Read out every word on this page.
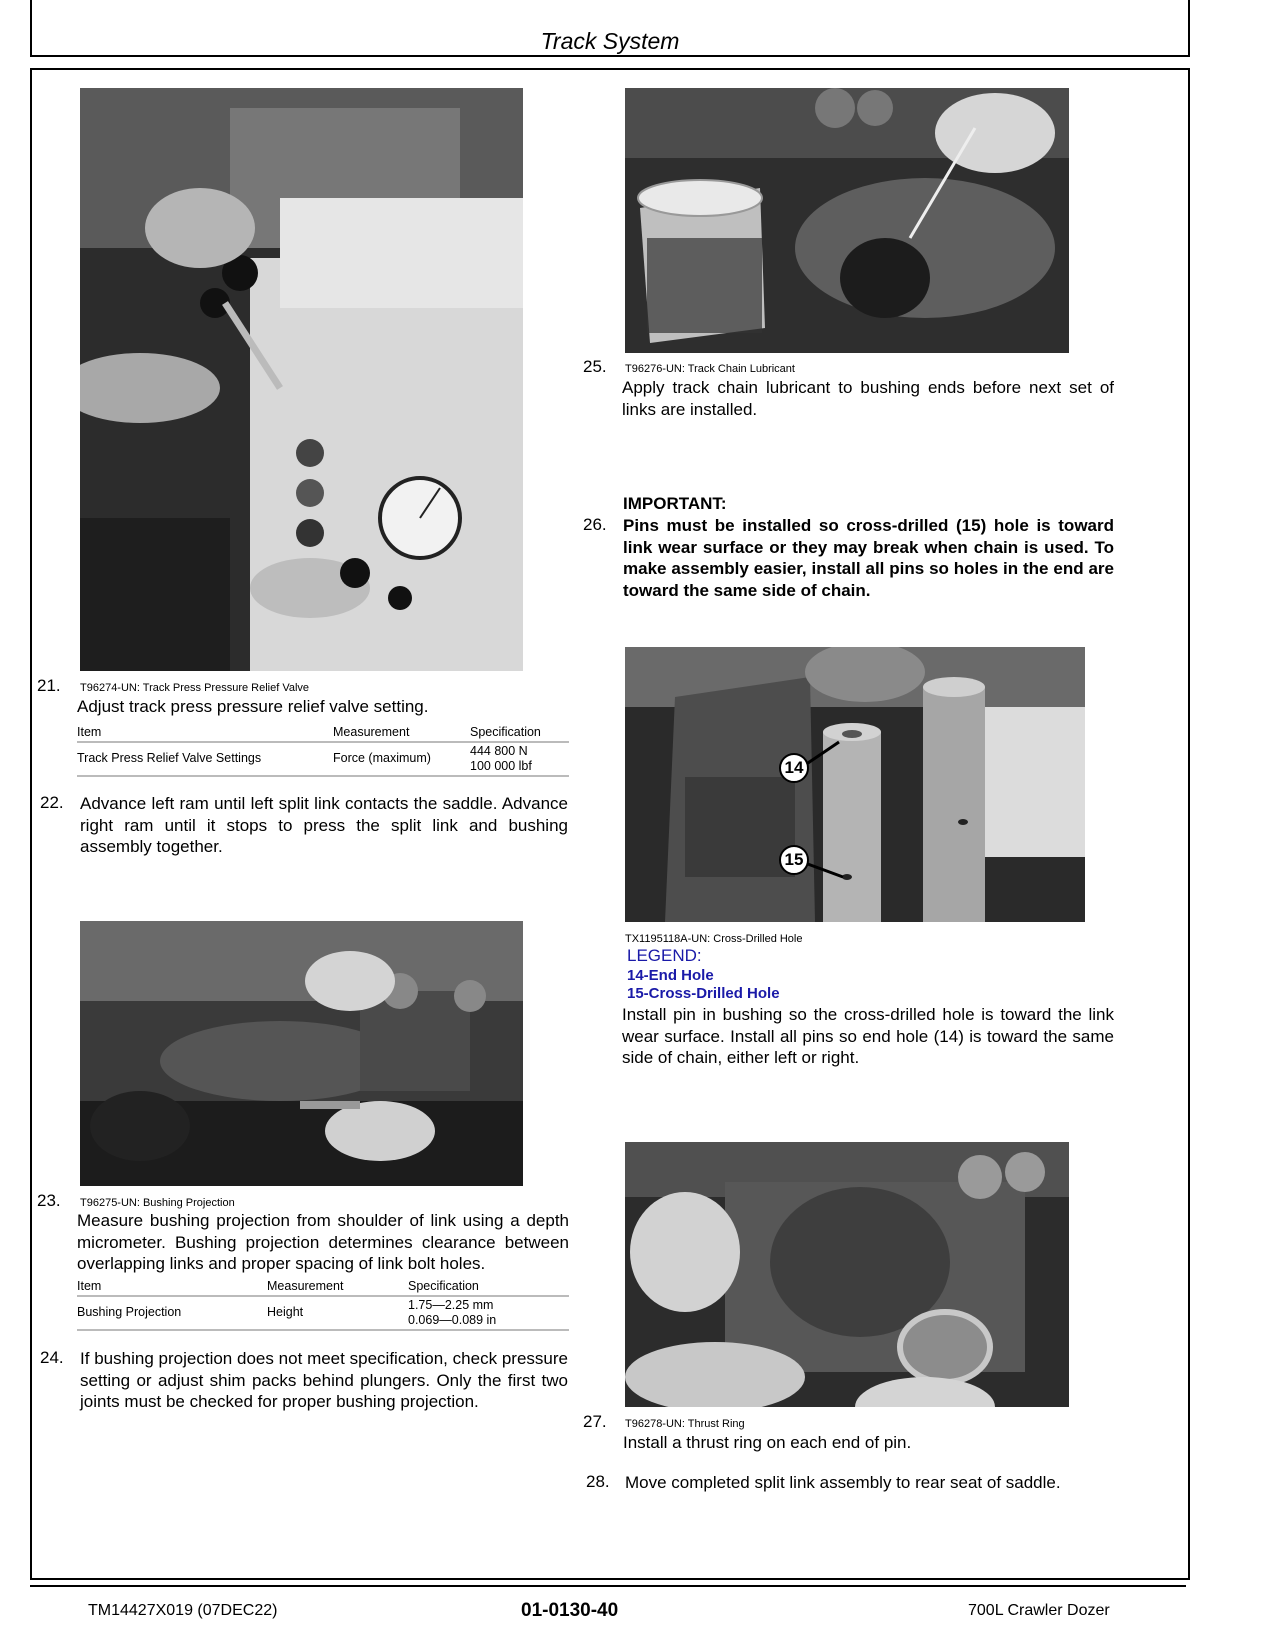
Track System
21. T96274-UN: Track Press Pressure Relief Valve
Adjust track press pressure relief valve setting.
Item	Measurement	Specification
Track Press Relief Valve Settings	Force (maximum)	444 800 N
100 000 lbf
22. Advance left ram until left split link contacts the saddle. Advance right ram until it stops to press the split link and bushing assembly together.
23. T96275-UN: Bushing Projection
Measure bushing projection from shoulder of link using a depth micrometer. Bushing projection determines clearance between overlapping links and proper spacing of link bolt holes.
Item	Measurement	Specification
Bushing Projection	Height	1.75—2.25 mm
0.069—0.089 in
24. If bushing projection does not meet specification, check pressure setting or adjust shim packs behind plungers. Only the first two joints must be checked for proper bushing projection.
25. T96276-UN: Track Chain Lubricant
Apply track chain lubricant to bushing ends before next set of links are installed.
IMPORTANT:
26. Pins must be installed so cross-drilled (15) hole is toward link wear surface or they may break when chain is used. To make assembly easier, install all pins so holes in the end are toward the same side of chain.
14
15
TX1195118A-UN: Cross-Drilled Hole
LEGEND:
14-End Hole
15-Cross-Drilled Hole
Install pin in bushing so the cross-drilled hole is toward the link wear surface. Install all pins so end hole (14) is toward the same side of chain, either left or right.
27. T96278-UN: Thrust Ring
Install a thrust ring on each end of pin.
28. Move completed split link assembly to rear seat of saddle.
TM14427X019 (07DEC22)	01-0130-40	700L Crawler Dozer
